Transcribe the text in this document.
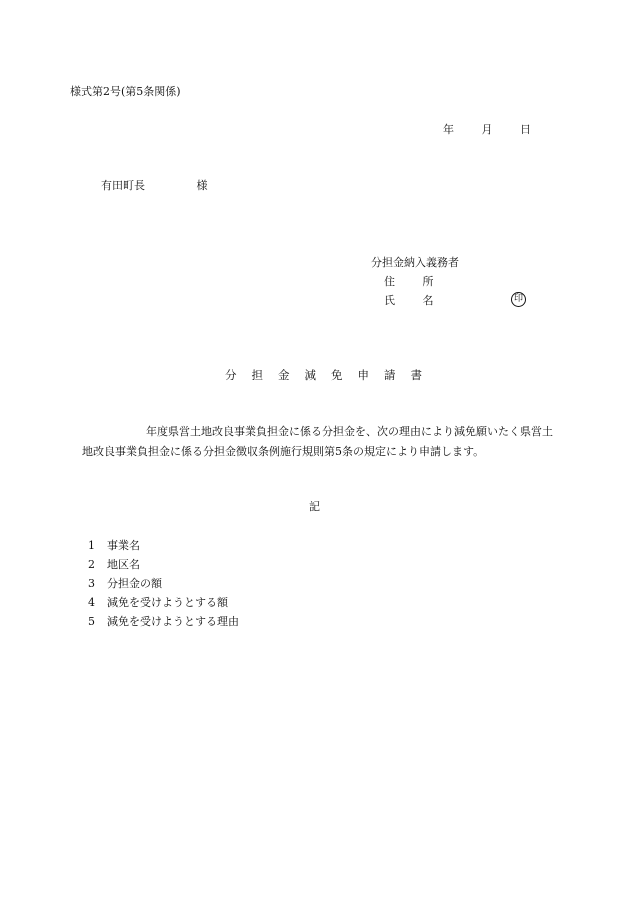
様式第2号(第5条関係)
年	月	日
有田町長	様
分担金納入義務者
住 所
氏 名	印
分担金減免申請書
年度県営土地改良事業負担金に係る分担金を、次の理由により減免願いたく県営土地改良事業負担金に係る分担金徴収条例施行規則第5条の規定により申請します。
記
1 事業名
2 地区名
3 分担金の額
4 減免を受けようとする額
5 減免を受けようとする理由
